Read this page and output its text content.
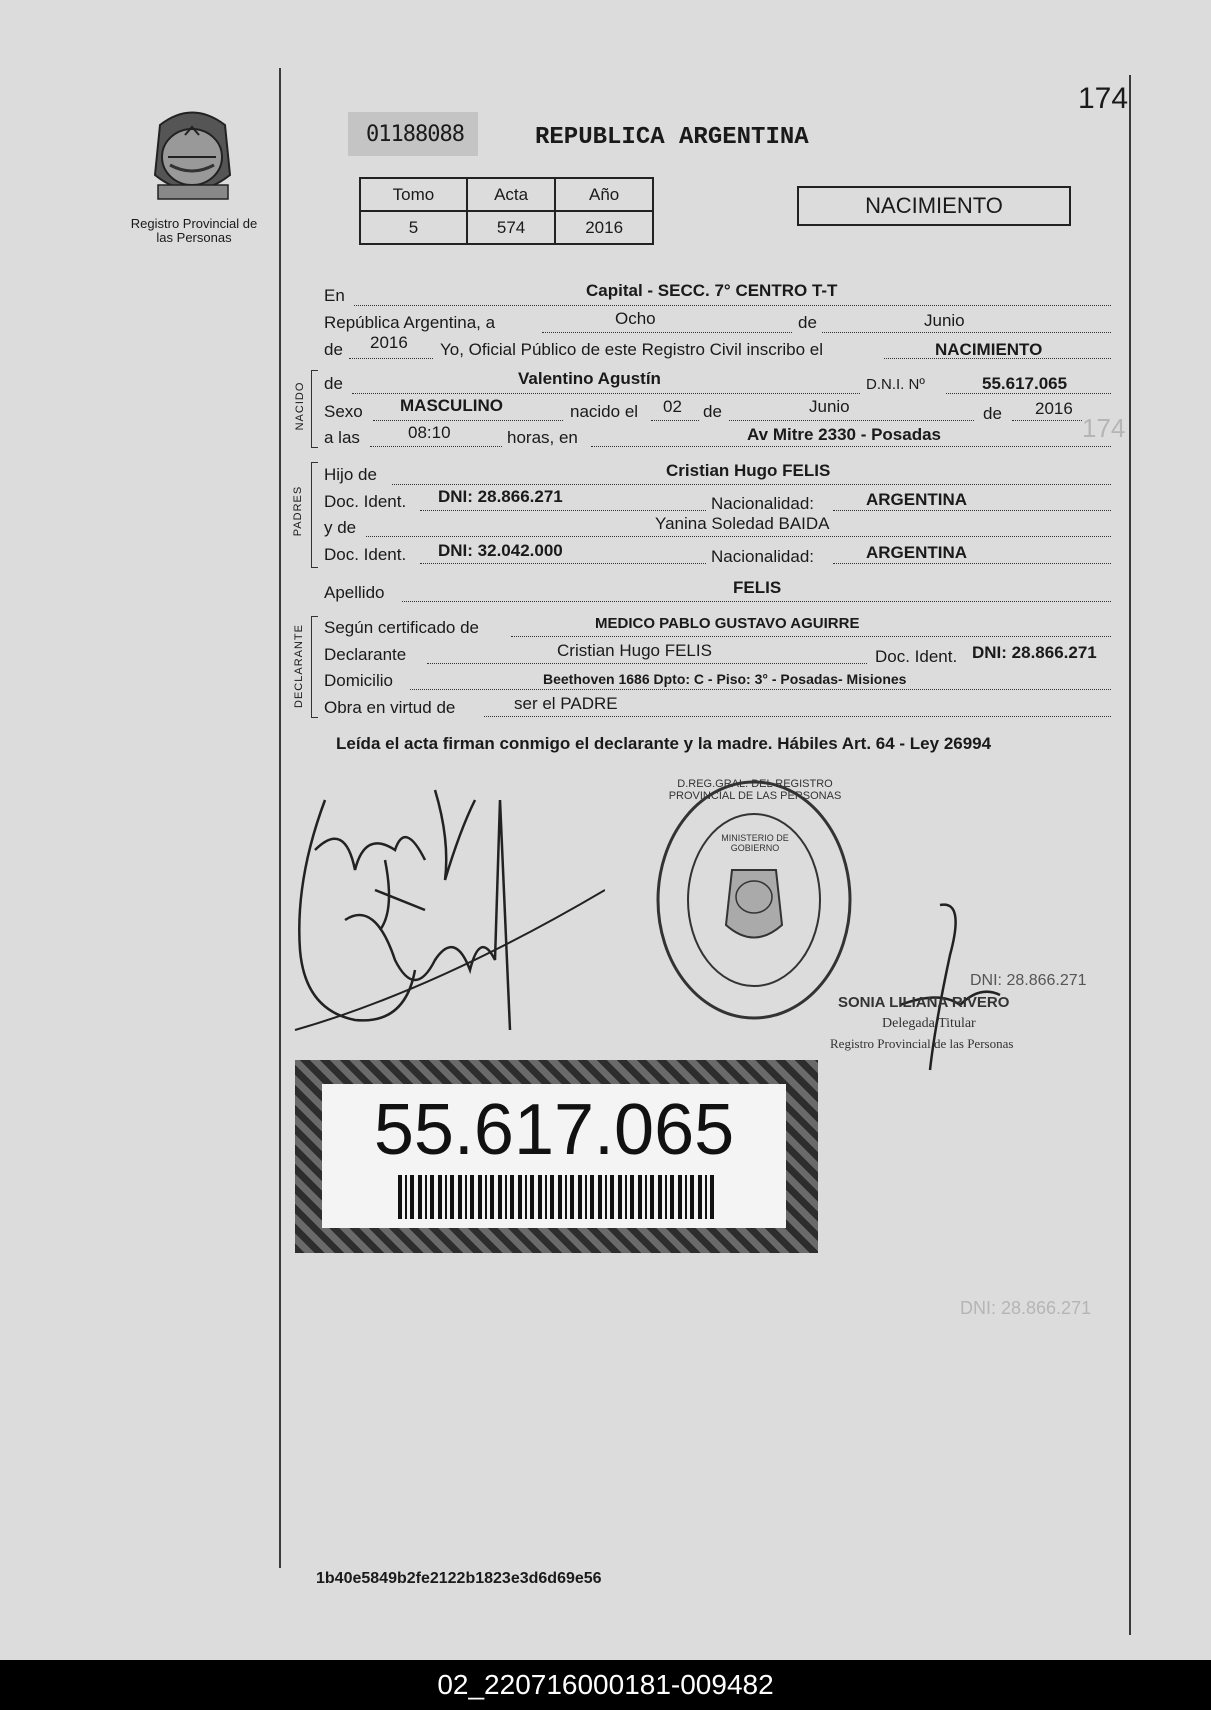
174
Registro Provincial de las Personas
01188088	REPUBLICA ARGENTINA
Tomo	Acta	Año
5	574	2016
NACIMIENTO
En	Capital - SECC. 7° CENTRO T-T
República Argentina, a	Ocho	de	Junio
de 2016 Yo, Oficial Público de este Registro Civil inscribo el	NACIMIENTO
NACIDO de	Valentino Agustín	D.N.I. Nº	55.617.065
Sexo MASCULINO	nacido el 02 de	Junio	de 2016
a las	08:10	horas, en	Av Mitre 2330 - Posadas
PADRES
Hijo de	Cristian Hugo FELIS
Doc. Ident. DNI: 28.866.271	Nacionalidad:	ARGENTINA
y de	Yanina Soledad BAIDA
Doc. Ident. DNI: 32.042.000	Nacionalidad:	ARGENTINA
Apellido	FELIS
DECLARANTE Según certificado de	MEDICO PABLO GUSTAVO AGUIRRE
Declarante	Cristian Hugo FELIS	Doc. Ident. DNI: 28.866.271
Domicilio	Beethoven 1686 Dpto: C - Piso: 3° - Posadas- Misiones
Obra en virtud de	ser el PADRE
Leída el acta firman conmigo el declarante y la madre. Hábiles Art. 64 - Ley 26994
D.REG.GRAL. DEL REGISTRO PROVINCIAL DE LAS PERSONAS
MINISTERIO DE GOBIERNO
DNI: 28.866.271
SONIA LILIANA RIVERO
Delegada Titular
Registro Provincial de las Personas
55.617.065
174
DNI: 28.866.271
1b40e5849b2fe2122b1823e3d6d69e56
02_220716000181-009482
